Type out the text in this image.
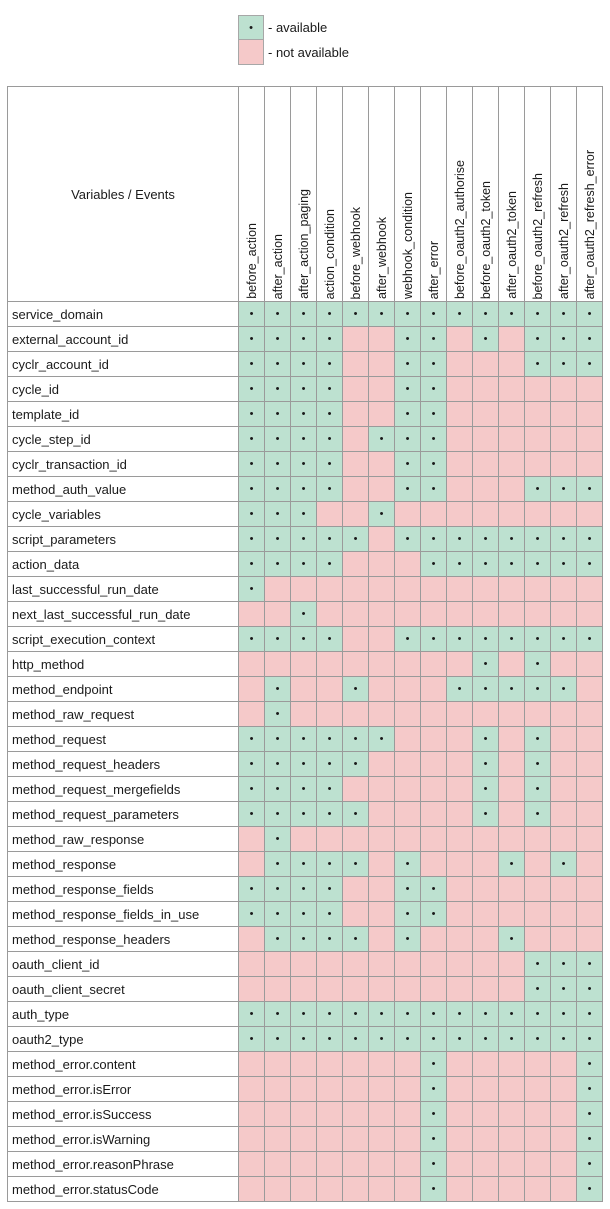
•	- available
- not available
Variables / Events	before_action	after_action	after_action_paging	action_condition	before_webhook	after_webhook	webhook_condition	after_error	before_oauth2_authorise	before_oauth2_token	after_oauth2_token	before_oauth2_refresh	after_oauth2_refresh	after_oauth2_refresh_error

service_domain	•	•	•	•	•	•	•	•	•	•	•	•	•	•
external_account_id	•	•	•	•			•	•		•		•	•	•
cyclr_account_id	•	•	•	•			•	•				•	•	•
cycle_id	•	•	•	•			•	•						
template_id	•	•	•	•			•	•						
cycle_step_id	•	•	•	•		•	•	•						
cyclr_transaction_id	•	•	•	•			•	•						
method_auth_value	•	•	•	•			•	•				•	•	•
cycle_variables	•	•	•			•								
script_parameters	•	•	•	•	•		•	•	•	•	•	•	•	•
action_data	•	•	•	•				•	•	•	•	•	•	•
last_successful_run_date	•													
next_last_successful_run_date			•											
script_execution_context	•	•	•	•			•	•	•	•	•	•	•	•
http_method										•		•		
method_endpoint		•			•				•	•	•	•	•	
method_raw_request		•												
method_request	•	•	•	•	•	•				•		•		
method_request_headers	•	•	•	•	•					•		•		
method_request_mergefields	•	•	•	•						•		•		
method_request_parameters	•	•	•	•	•					•		•		
method_raw_response		•												
method_response		•	•	•	•		•				•		•	
method_response_fields	•	•	•	•			•	•						
method_response_fields_in_use	•	•	•	•			•	•						
method_response_headers		•	•	•	•		•				•			
oauth_client_id												•	•	•
oauth_client_secret												•	•	•
auth_type	•	•	•	•	•	•	•	•	•	•	•	•	•	•
oauth2_type	•	•	•	•	•	•	•	•	•	•	•	•	•	•
method_error.content								•						•
method_error.isError								•						•
method_error.isSuccess								•						•
method_error.isWarning								•						•
method_error.reasonPhrase								•						•
method_error.statusCode								•						•
